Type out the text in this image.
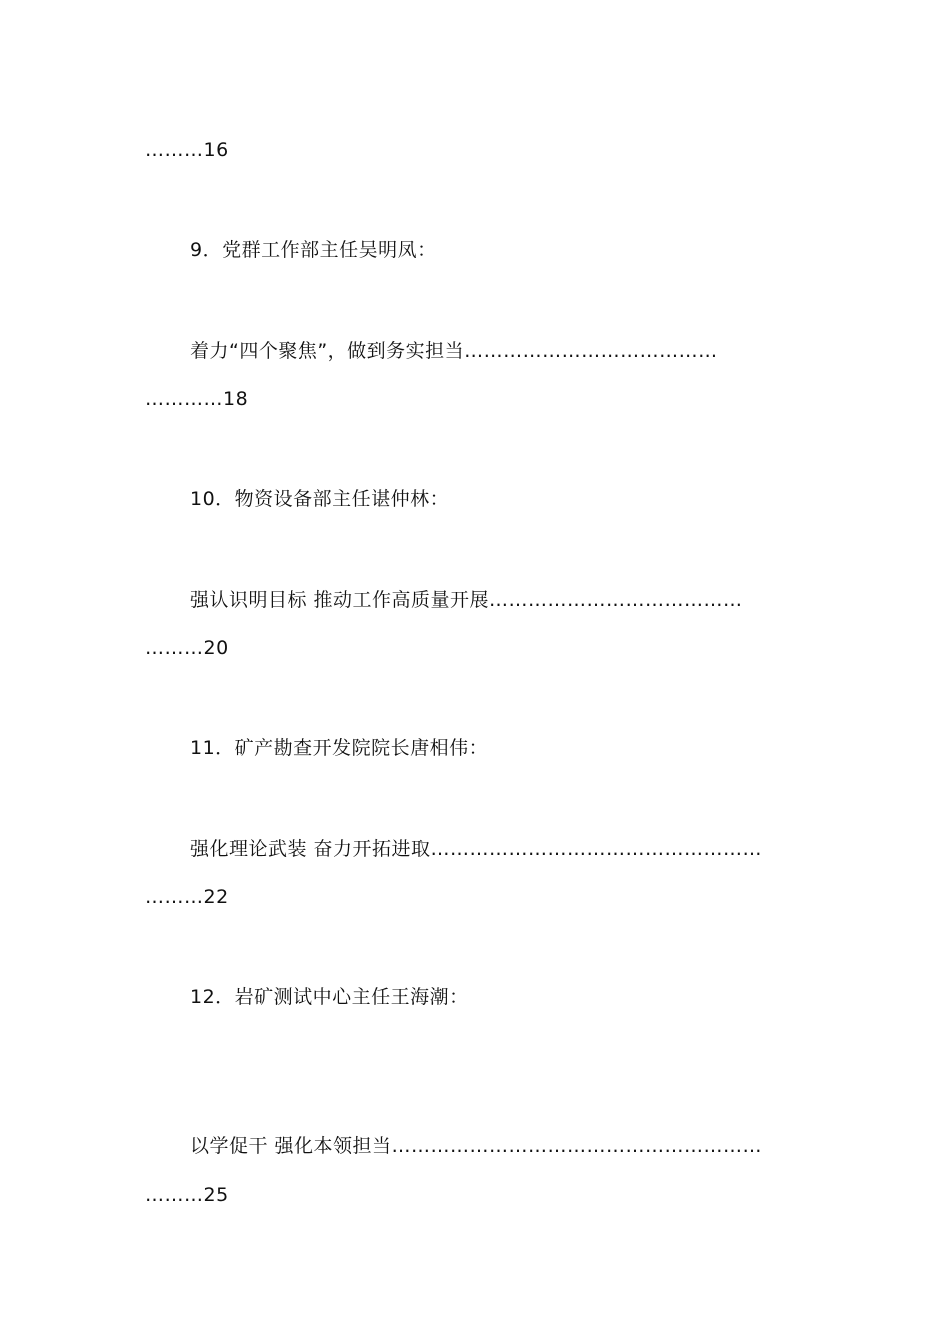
………16
9．党群工作部主任吴明凤：
着力“四个聚焦”，做到务实担当…………………………………
…………18
10．物资设备部主任谌仲林：
强认识明目标 推动工作高质量开展…………………………………
………20
11．矿产勘查开发院院长唐相伟：
强化理论武装 奋力开拓进取……………………………………………
………22
12．岩矿测试中心主任王海潮：
以学促干 强化本领担当…………………………………………………
………25
